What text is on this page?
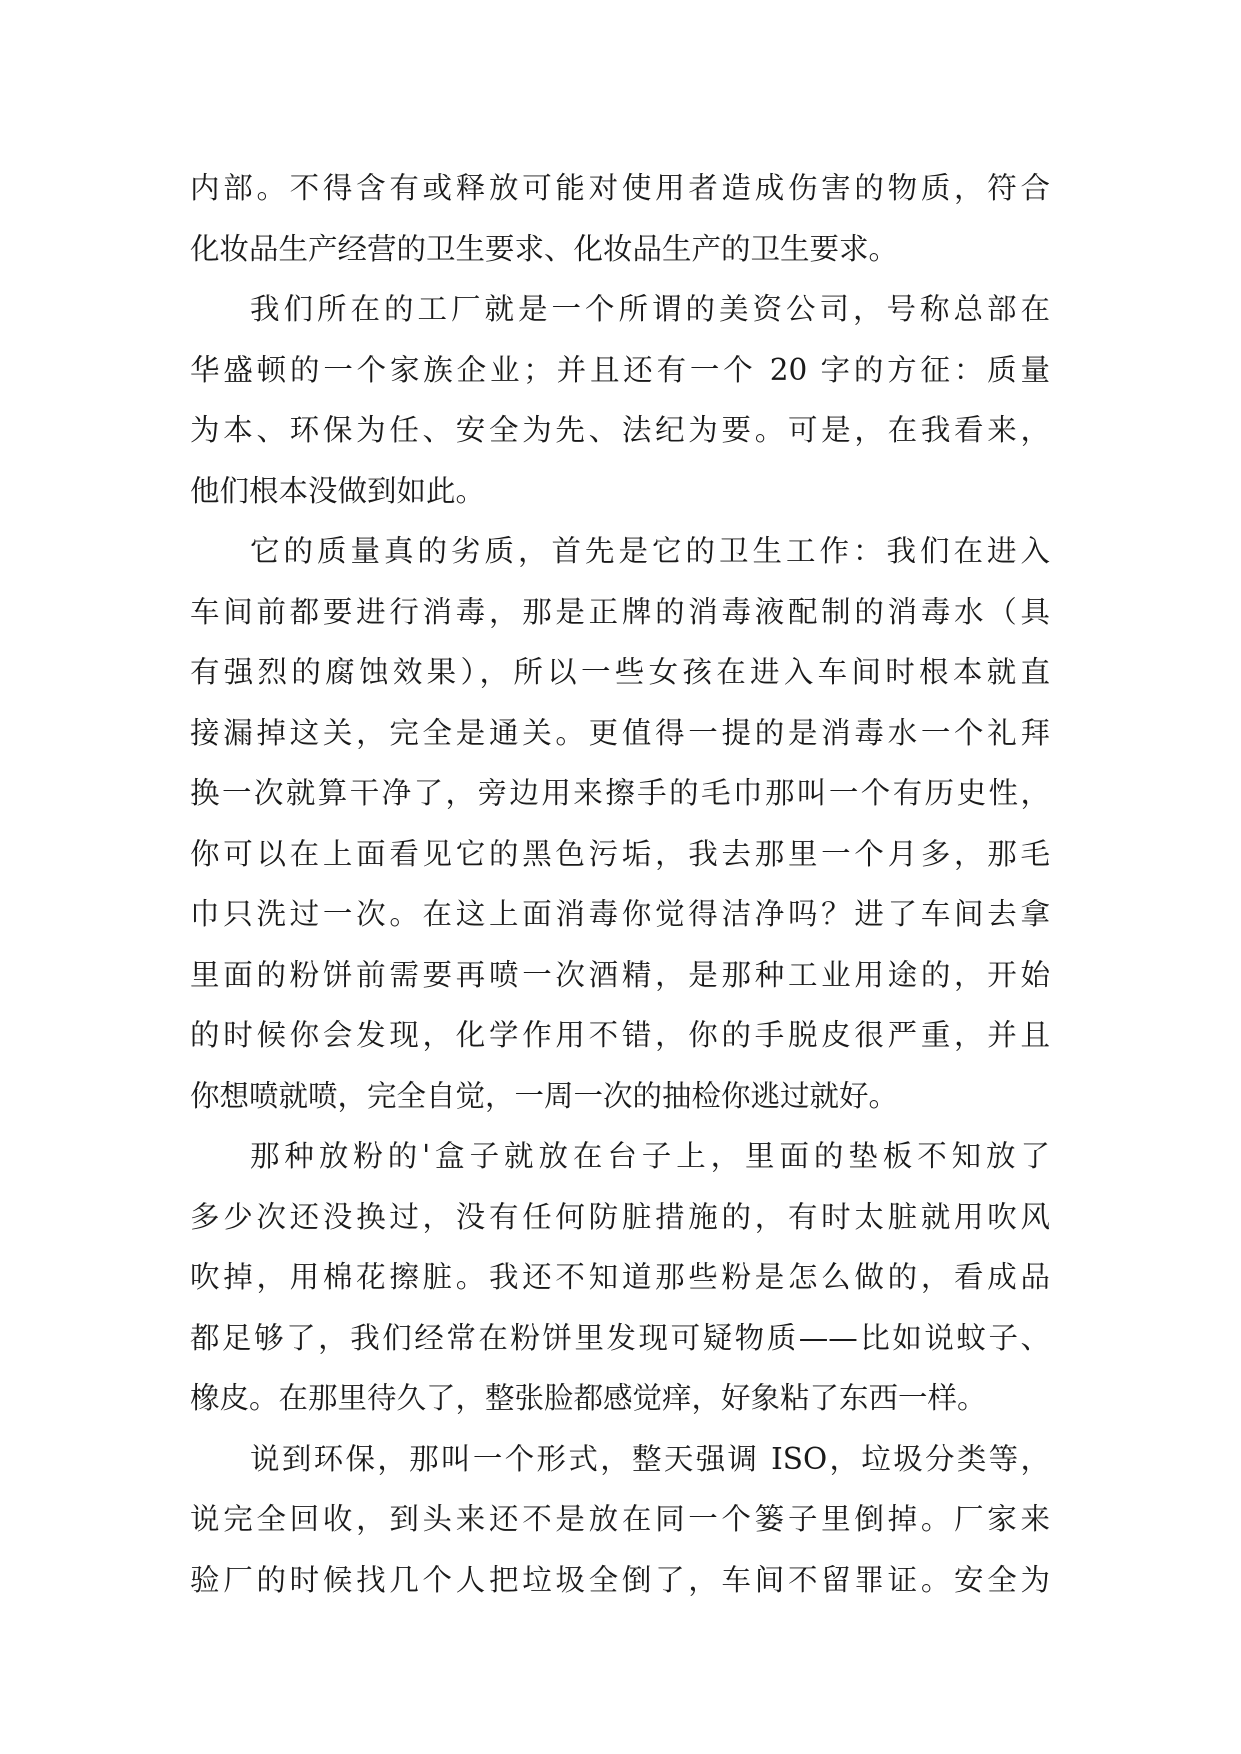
内部。不得含有或释放可能对使用者造成伤害的物质，符合
化妆品生产经营的卫生要求、化妆品生产的卫生要求。
我们所在的工厂就是一个所谓的美资公司，号称总部在
华盛顿的一个家族企业；并且还有一个 20 字的方征：质量
为本、环保为任、安全为先、法纪为要。可是，在我看来，
他们根本没做到如此。
它的质量真的劣质，首先是它的卫生工作：我们在进入
车间前都要进行消毒，那是正牌的消毒液配制的消毒水（具
有强烈的腐蚀效果），所以一些女孩在进入车间时根本就直
接漏掉这关，完全是通关。更值得一提的是消毒水一个礼拜
换一次就算干净了，旁边用来擦手的毛巾那叫一个有历史性，
你可以在上面看见它的黑色污垢，我去那里一个月多，那毛
巾只洗过一次。在这上面消毒你觉得洁净吗？进了车间去拿
里面的粉饼前需要再喷一次酒精，是那种工业用途的，开始
的时候你会发现，化学作用不错，你的手脱皮很严重，并且
你想喷就喷，完全自觉，一周一次的抽检你逃过就好。
那种放粉的'盒子就放在台子上，里面的垫板不知放了
多少次还没换过，没有任何防脏措施的，有时太脏就用吹风
吹掉，用棉花擦脏。我还不知道那些粉是怎么做的，看成品
都足够了，我们经常在粉饼里发现可疑物质——比如说蚊子、
橡皮。在那里待久了，整张脸都感觉痒，好象粘了东西一样。
说到环保，那叫一个形式，整天强调 ISO，垃圾分类等，
说完全回收，到头来还不是放在同一个篓子里倒掉。厂家来
验厂的时候找几个人把垃圾全倒了，车间不留罪证。安全为
